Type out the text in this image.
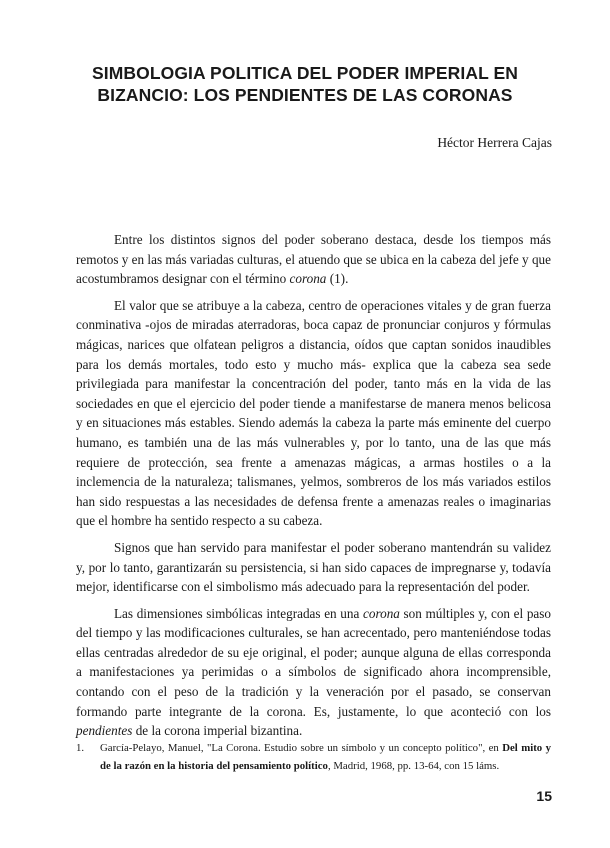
SIMBOLOGIA POLITICA DEL PODER IMPERIAL EN
BIZANCIO: LOS PENDIENTES DE LAS CORONAS

Héctor Herrera Cajas

Entre los distintos signos del poder soberano destaca, desde los tiempos más remotos y en las más variadas culturas, el atuendo que se ubica en la cabeza del jefe y que acostumbramos designar con el término corona (1).

El valor que se atribuye a la cabeza, centro de operaciones vitales y de gran fuerza conminativa -ojos de miradas aterradoras, boca capaz de pronunciar conjuros y fórmulas mágicas, narices que olfatean peligros a distancia, oídos que captan sonidos inaudibles para los demás mortales, todo esto y mucho más- explica que la cabeza sea sede privilegiada para manifestar la concentración del poder, tanto más en la vida de las sociedades en que el ejercicio del poder tiende a manifestarse de manera menos belicosa y en situaciones más estables. Siendo además la cabeza la parte más eminente del cuerpo humano, es también una de las más vulnerables y, por lo tanto, una de las que más requiere de protección, sea frente a amenazas mágicas, a armas hostiles o a la inclemencia de la naturaleza; talismanes, yelmos, sombreros de los más variados estilos han sido respuestas a las necesidades de defensa frente a amenazas reales o imaginarias que el hombre ha sentido respecto a su cabeza.

Signos que han servido para manifestar el poder soberano mantendrán su validez y, por lo tanto, garantizarán su persistencia, si han sido capaces de impregnarse y, todavía mejor, identificarse con el simbolismo más adecuado para la representación del poder.

Las dimensiones simbólicas integradas en una corona son múltiples y, con el paso del tiempo y las modificaciones culturales, se han acrecentado, pero manteniéndose todas ellas centradas alrededor de su eje original, el poder; aunque alguna de ellas corresponda a manifestaciones ya perimidas o a símbolos de significado ahora incomprensible, contando con el peso de la tradición y la veneración por el pasado, se conservan formando parte integrante de la corona. Es, justamente, lo que aconteció con los pendientes de la corona imperial bizantina.

1.	García-Pelayo, Manuel, "La Corona. Estudio sobre un símbolo y un concepto político", en Del mito y de la razón en la historia del pensamiento político, Madrid, 1968, pp. 13-64, con 15 láms.
15
